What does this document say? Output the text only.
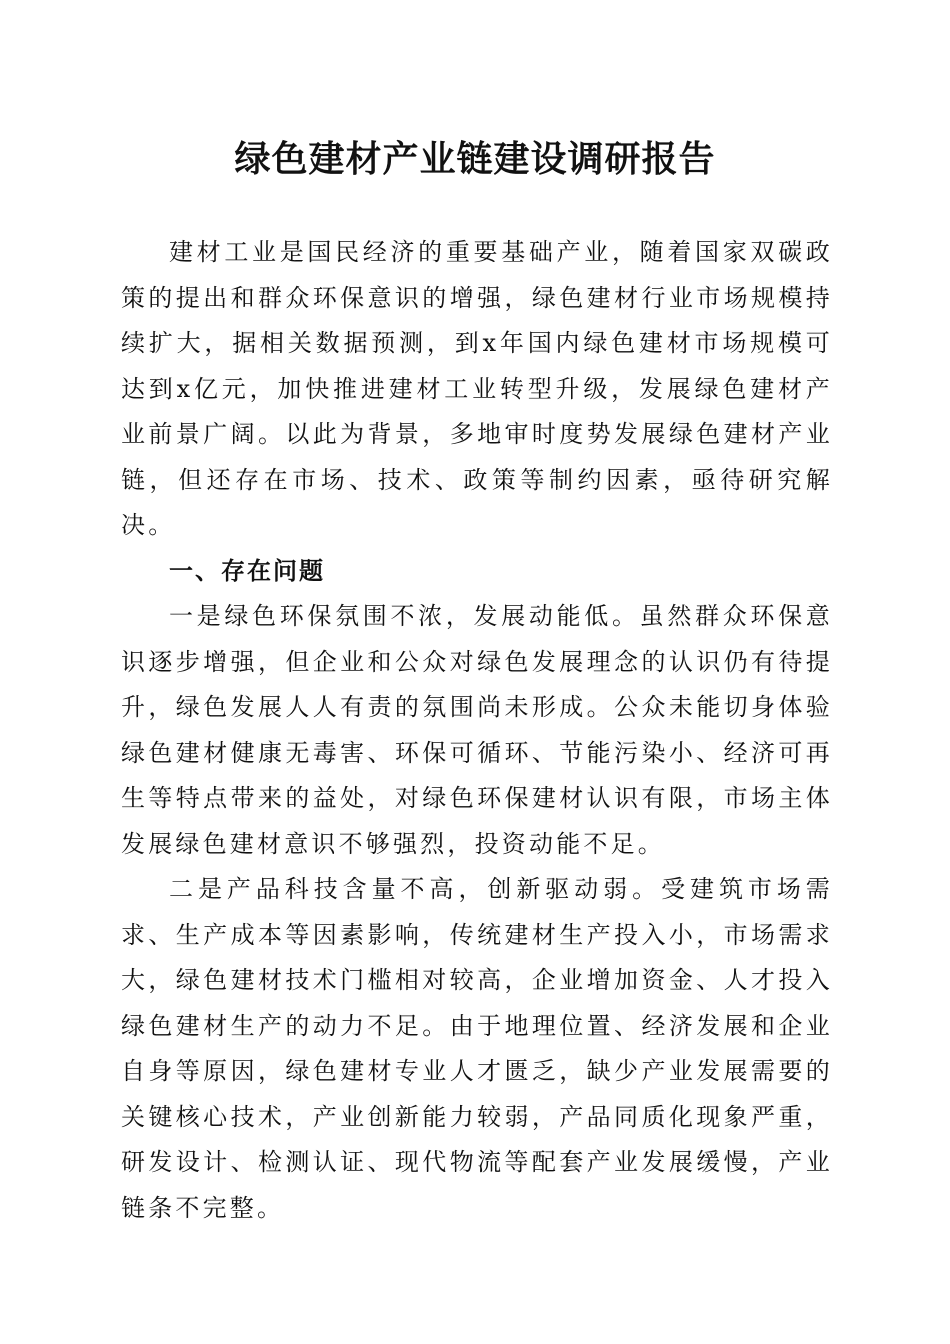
绿色建材产业链建设调研报告

建材工业是国民经济的重要基础产业，随着国家双碳政策的提出和群众环保意识的增强，绿色建材行业市场规模持续扩大，据相关数据预测，到x年国内绿色建材市场规模可达到x亿元，加快推进建材工业转型升级，发展绿色建材产业前景广阔。以此为背景，多地审时度势发展绿色建材产业链，但还存在市场、技术、政策等制约因素，亟待研究解决。

一、存在问题

一是绿色环保氛围不浓，发展动能低。虽然群众环保意识逐步增强，但企业和公众对绿色发展理念的认识仍有待提升，绿色发展人人有责的氛围尚未形成。公众未能切身体验绿色建材健康无毒害、环保可循环、节能污染小、经济可再生等特点带来的益处，对绿色环保建材认识有限，市场主体发展绿色建材意识不够强烈，投资动能不足。

二是产品科技含量不高，创新驱动弱。受建筑市场需求、生产成本等因素影响，传统建材生产投入小，市场需求大，绿色建材技术门槛相对较高，企业增加资金、人才投入绿色建材生产的动力不足。由于地理位置、经济发展和企业自身等原因，绿色建材专业人才匮乏，缺少产业发展需要的关键核心技术，产业创新能力较弱，产品同质化现象严重，研发设计、检测认证、现代物流等配套产业发展缓慢，产业链条不完整。
